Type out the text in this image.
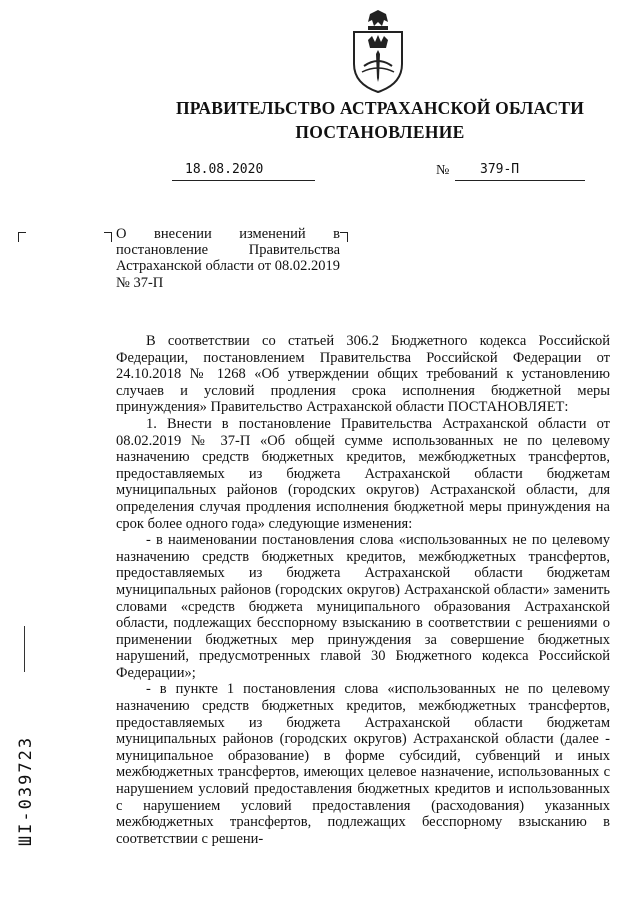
ПРАВИТЕЛЬСТВО АСТРАХАНСКОЙ ОБЛАСТИ
ПОСТАНОВЛЕНИЕ
18.08.2020	№ 379-П
О внесении изменений в постановление Правительства Астраханской области от 08.02.2019 № 37-П

В соответствии со статьей 306.2 Бюджетного кодекса Российской Федерации, постановлением Правительства Российской Федерации от 24.10.2018 № 1268 «Об утверждении общих требований к установлению случаев и условий продления срока исполнения бюджетной меры принуждения» Правительство Астраханской области ПОСТАНОВЛЯЕТ:

1. Внести в постановление Правительства Астраханской области от 08.02.2019 № 37-П «Об общей сумме использованных не по целевому назначению средств бюджетных кредитов, межбюджетных трансфертов, предоставляемых из бюджета Астраханской области бюджетам муниципальных районов (городских округов) Астраханской области, для определения случая продления исполнения бюджетной меры принуждения на срок более одного года» следующие изменения:

- в наименовании постановления слова «использованных не по целевому назначению средств бюджетных кредитов, межбюджетных трансфертов, предоставляемых из бюджета Астраханской области бюджетам муниципальных районов (городских округов) Астраханской области» заменить словами «средств бюджета муниципального образования Астраханской области, подлежащих бесспорному взысканию в соответствии с решениями о применении бюджетных мер принуждения за совершение бюджетных нарушений, предусмотренных главой 30 Бюджетного кодекса Российской Федерации»;

- в пункте 1 постановления слова «использованных не по целевому назначению средств бюджетных кредитов, межбюджетных трансфертов, предоставляемых из бюджета Астраханской области бюджетам муниципальных районов (городских округов) Астраханской области (далее - муниципальное образование) в форме субсидий, субвенций и иных межбюджетных трансфертов, имеющих целевое назначение, использованных с нарушением условий предоставления бюджетных кредитов и использованных с нарушением условий предоставления (расходования) указанных межбюджетных трансфертов, подлежащих бесспорному взысканию в соответствии с решени-

ШI-039723
